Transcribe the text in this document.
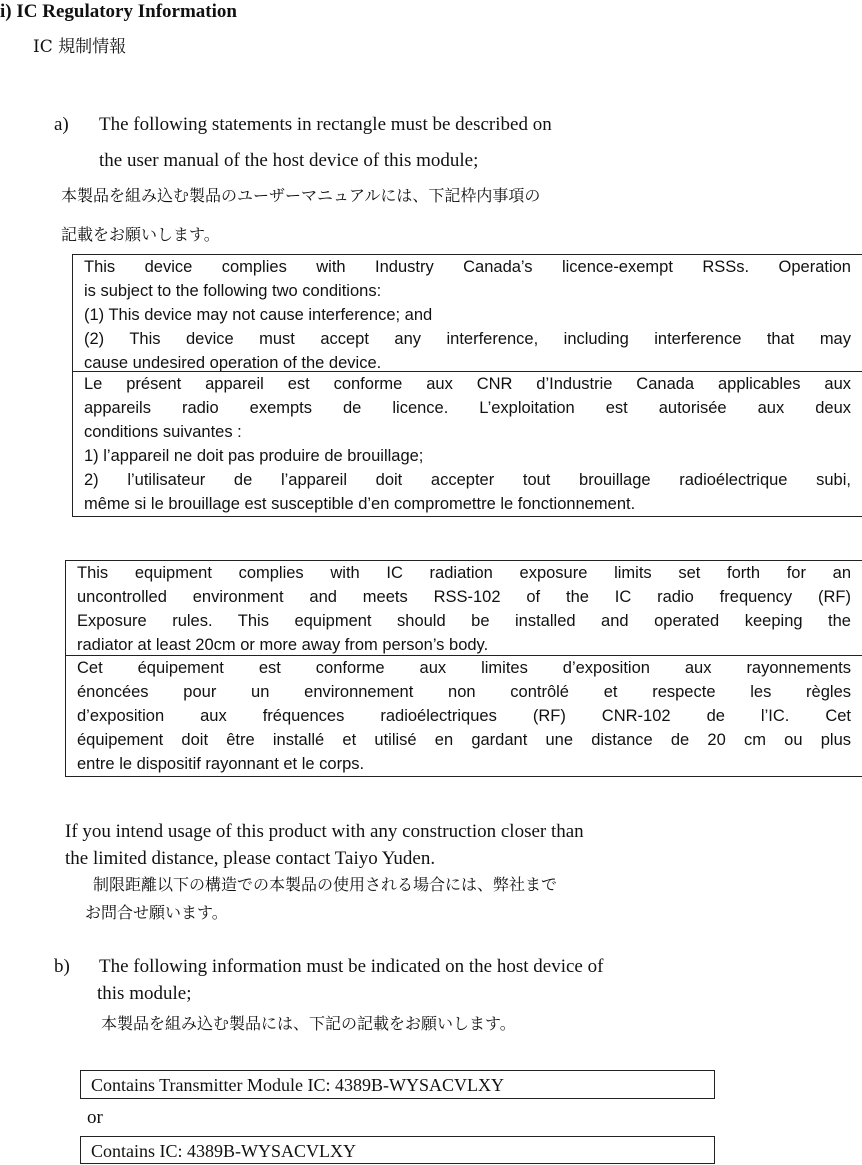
i) IC Regulatory Information
IC 規制情報
a) The following statements in rectangle must be described on
the user manual of the host device of this module;
本製品を組み込む製品のユーザーマニュアルには、下記枠内事項の
記載をお願いします。
This device complies with Industry Canada’s licence-exempt RSSs. Operation
is subject to the following two conditions:
(1) This device may not cause interference; and
(2) This device must accept any interference, including interference that may
cause undesired operation of the device.
Le présent appareil est conforme aux CNR d’Industrie Canada applicables aux
appareils radio exempts de licence. L’exploitation est autorisée aux deux
conditions suivantes :
1) l’appareil ne doit pas produire de brouillage;
2) l’utilisateur de l’appareil doit accepter tout brouillage radioélectrique subi,
même si le brouillage est susceptible d’en compromettre le fonctionnement.
This equipment complies with IC radiation exposure limits set forth for an
uncontrolled environment and meets RSS-102 of the IC radio frequency (RF)
Exposure rules. This equipment should be installed and operated keeping the
radiator at least 20cm or more away from person’s body.
Cet équipement est conforme aux limites d’exposition aux rayonnements
énoncées pour un environnement non contrôlé et respecte les règles
d’exposition aux fréquences radioélectriques (RF) CNR-102 de l’IC. Cet
équipement doit être installé et utilisé en gardant une distance de 20 cm ou plus
entre le dispositif rayonnant et le corps.
If you intend usage of this product with any construction closer than
the limited distance, please contact Taiyo Yuden.
制限距離以下の構造での本製品の使用される場合には、弊社まで
お問合せ願います。
b) The following information must be indicated on the host device of
this module;
本製品を組み込む製品には、下記の記載をお願いします。
Contains Transmitter Module IC: 4389B-WYSACVLXY
or
Contains IC: 4389B-WYSACVLXY
